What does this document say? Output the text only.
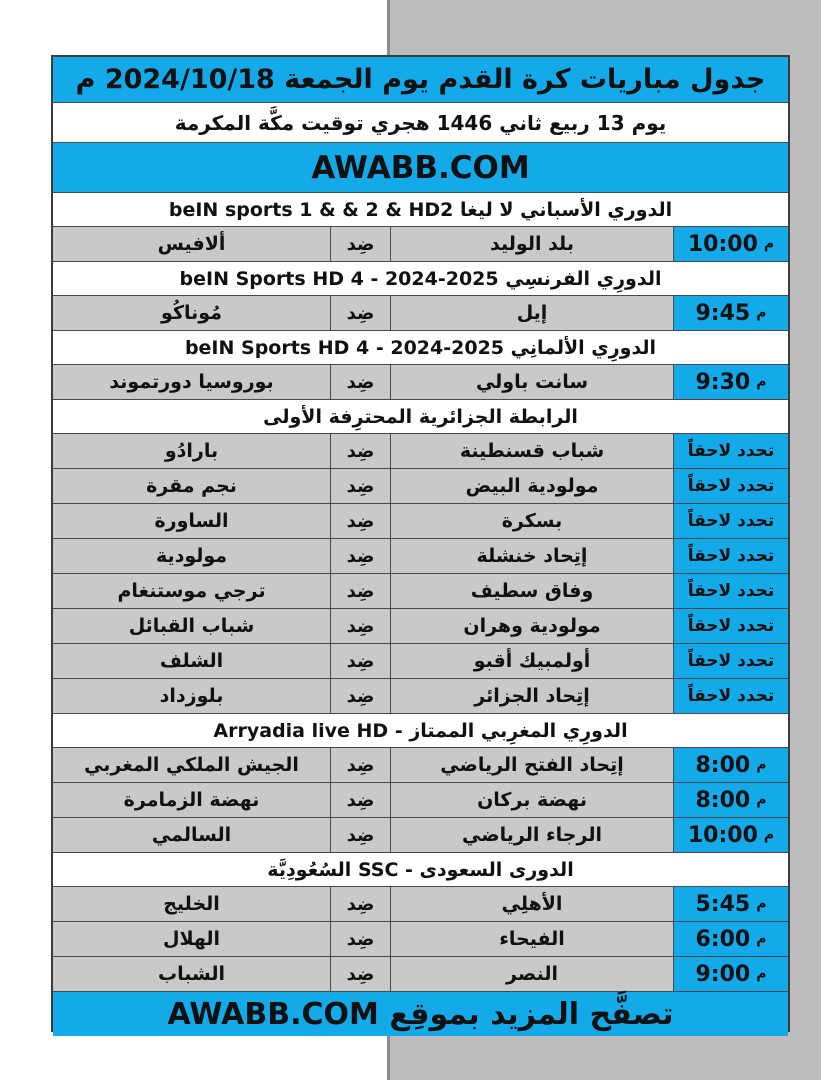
جدول مباريات كرة القدم يوم الجمعة 2024/10/18 م
يوم 13 ربيع ثاني 1446 هجري توقيت مكَّة المكرمة
AWABB.COM
الدوري الأسباني لا ليغا beIN sports 1 & & 2 & HD2
م
10:00
بلد الوليد
ضِد
ألافيس
الدورِي الفرنسِي 2025-2024 - beIN Sports HD 4
م
9:45
إيل
ضِد
مُوناكُو
الدورِي الألمانِي 2025-2024 - beIN Sports HD 4
م
9:30
سانت باولي
ضِد
بوروسيا دورتموند
الرابطة الجزائرية المحترِفة الأولى
تحدد لاحقاً
شباب قسنطينة
ضِد
بارادُو
تحدد لاحقاً
مولودية البيض
ضِد
نجم مقرة
تحدد لاحقاً
بسكرة
ضِد
الساورة
تحدد لاحقاً
إتِحاد خنشلة
ضِد
مولودية
تحدد لاحقاً
وفاق سطيف
ضِد
ترجي موستنغام
تحدد لاحقاً
مولودية وهران
ضِد
شباب القبائل
تحدد لاحقاً
أولمبيك أقبو
ضِد
الشلف
تحدد لاحقاً
إتِحاد الجزائر
ضِد
بلوزداد
الدورِي المغرِبي الممتاز - Arryadia live HD
م
8:00
إتِحاد الفتح الرياضي
ضِد
الجيش الملكي المغربي
م
8:00
نهضة بركان
ضِد
نهضة الزمامرة
م
10:00
الرجاء الرياضي
ضِد
السالمي
الدورى السعودى - SSC السُعُودِيَّة
م
5:45
الأهلِي
ضِد
الخليج
م
6:00
الفيحاء
ضِد
الهلال
م
9:00
النصر
ضِد
الشباب
تصفَّح المزيد بموقِع AWABB.COM
